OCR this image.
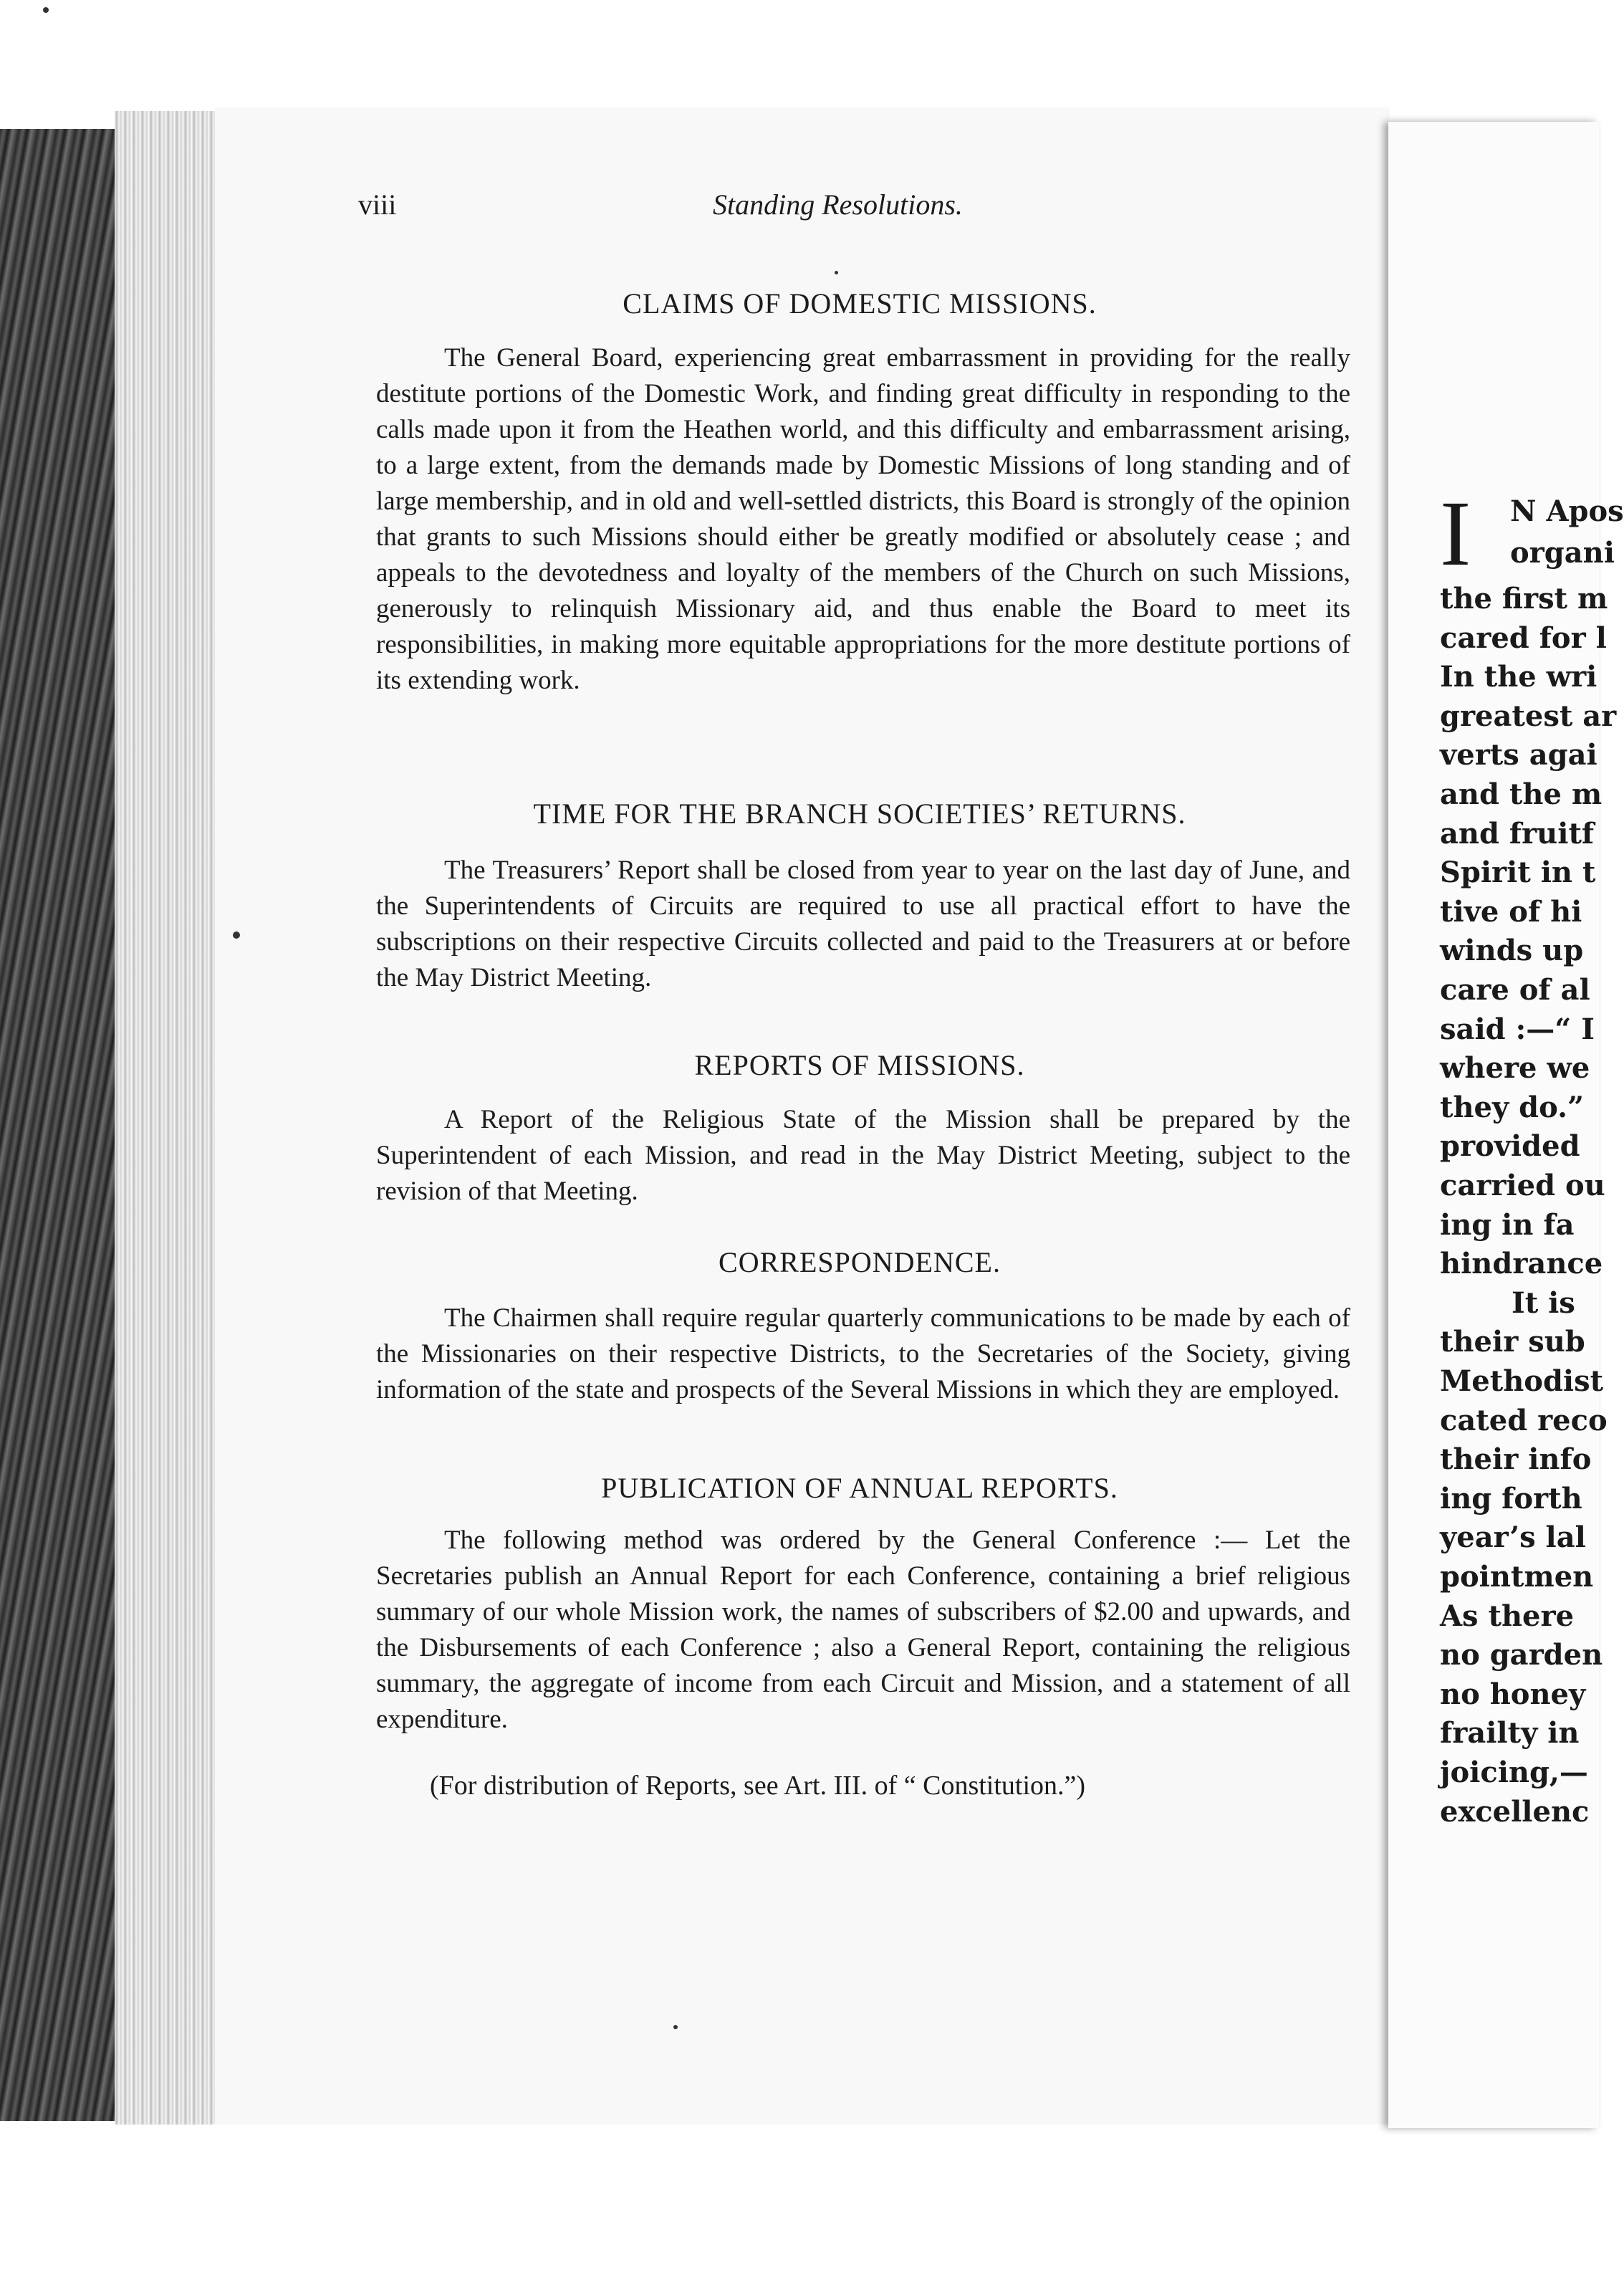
viii	Standing Resolutions.
CLAIMS OF DOMESTIC MISSIONS.
The General Board, experiencing great embarrassment in providing for the really destitute portions of the Domestic Work, and finding great difficulty in responding to the calls made upon it from the Heathen world, and this difficulty and embarrassment arising, to a large extent, from the demands made by Domestic Missions of long standing and of large membership, and in old and well-settled districts, this Board is strongly of the opinion that grants to such Missions should either be greatly modified or absolutely cease ; and appeals to the devotedness and loyalty of the members of the Church on such Missions, generously to relinquish Missionary aid, and thus enable the Board to meet its responsibilities, in making more equitable appropriations for the more destitute portions of its extending work.
TIME FOR THE BRANCH SOCIETIES’ RETURNS.
The Treasurers’ Report shall be closed from year to year on the last day of June, and the Superintendents of Circuits are required to use all practical effort to have the subscriptions on their respective Circuits collected and paid to the Treasurers at or before the May District Meeting.
REPORTS OF MISSIONS.
A Report of the Religious State of the Mission shall be prepared by the Superintendent of each Mission, and read in the May District Meeting, subject to the revision of that Meeting.
CORRESPONDENCE.
The Chairmen shall require regular quarterly communications to be made by each of the Missionaries on their respective Districts, to the Secretaries of the Society, giving information of the state and prospects of the Several Missions in which they are employed.
PUBLICATION OF ANNUAL REPORTS.
The following method was ordered by the General Conference :— Let the Secretaries publish an Annual Report for each Conference, containing a brief religious summary of our whole Mission work, the names of subscribers of $2.00 and upwards, and the Disbursements of each Conference ; also a General Report, containing the religious summary, the aggregate of income from each Circuit and Mission, and a statement of all expenditure.
(For distribution of Reports, see Art. III. of “ Constitution.”)
I N Apos
organi
the first m
cared for l
In the wri
greatest ar
verts agai
and the m
and fruitf
Spirit in t
tive of hi
winds up
care of al
said :—“ I
where we
they do.”
provided
carried ou
ing in fa
hindrance
It is
their sub
Methodist
cated reco
their info
ing forth
year’s lal
pointmen
As there
no garden
no honey
frailty in
joicing,—
excellenc
